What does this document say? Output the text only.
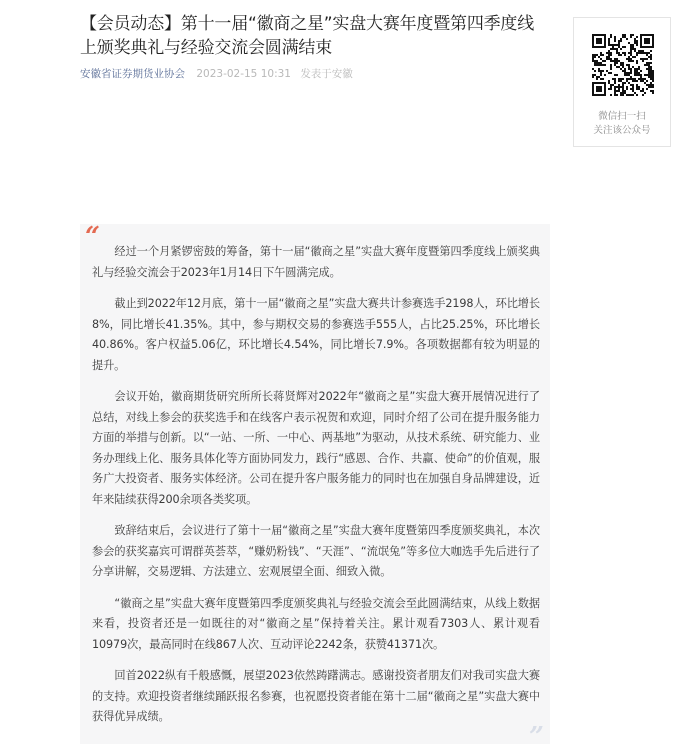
【会员动态】第十一届“徽商之星”实盘大赛年度暨第四季度线上颁奖典礼与经验交流会圆满结束
安徽省证券期货业协会 2023-02-15 10:31 发表于安徽
微信扫一扫
关注该公众号
“	经过一个月紧锣密鼓的筹备，第十一届“徽商之星”实盘大赛年度暨第四季度线上颁奖典礼与经验交流会于2023年1月14日下午圆满完成。

截止到2022年12月底，第十一届“徽商之星”实盘大赛共计参赛选手2198人，环比增长8%，同比增长41.35%。其中，参与期权交易的参赛选手555人，占比25.25%，环比增长40.86%。客户权益5.06亿，环比增长4.54%，同比增长7.9%。各项数据都有较为明显的提升。

会议开始，徽商期货研究所所长蒋贤辉对2022年“徽商之星”实盘大赛开展情况进行了总结，对线上参会的获奖选手和在线客户表示祝贺和欢迎，同时介绍了公司在提升服务能力方面的举措与创新。以“一站、一所、一中心、两基地”为驱动，从技术系统、研究能力、业务办理线上化、服务具体化等方面协同发力，践行“感恩、合作、共赢、使命”的价值观，服务广大投资者、服务实体经济。公司在提升客户服务能力的同时也在加强自身品牌建设，近年来陆续获得200余项各类奖项。

致辞结束后，会议进行了第十一届“徽商之星”实盘大赛年度暨第四季度颁奖典礼，本次参会的获奖嘉宾可谓群英荟萃，“赚奶粉钱”、“天涯”、“流氓兔”等多位大咖选手先后进行了分享讲解，交易逻辑、方法建立、宏观展望全面、细致入微。

“徽商之星”实盘大赛年度暨第四季度颁奖典礼与经验交流会至此圆满结束，从线上数据来看，投资者还是一如既往的对“徽商之星”保持着关注。累计观看7303人、累计观看10979次，最高同时在线867人次、互动评论2242条，获赞41371次。

回首2022纵有千般感慨，展望2023依然踌躇满志。感谢投资者朋友们对我司实盘大赛的支持。欢迎投资者继续踊跃报名参赛，也祝愿投资者能在第十二届“徽商之星”实盘大赛中获得优异成绩。

”
